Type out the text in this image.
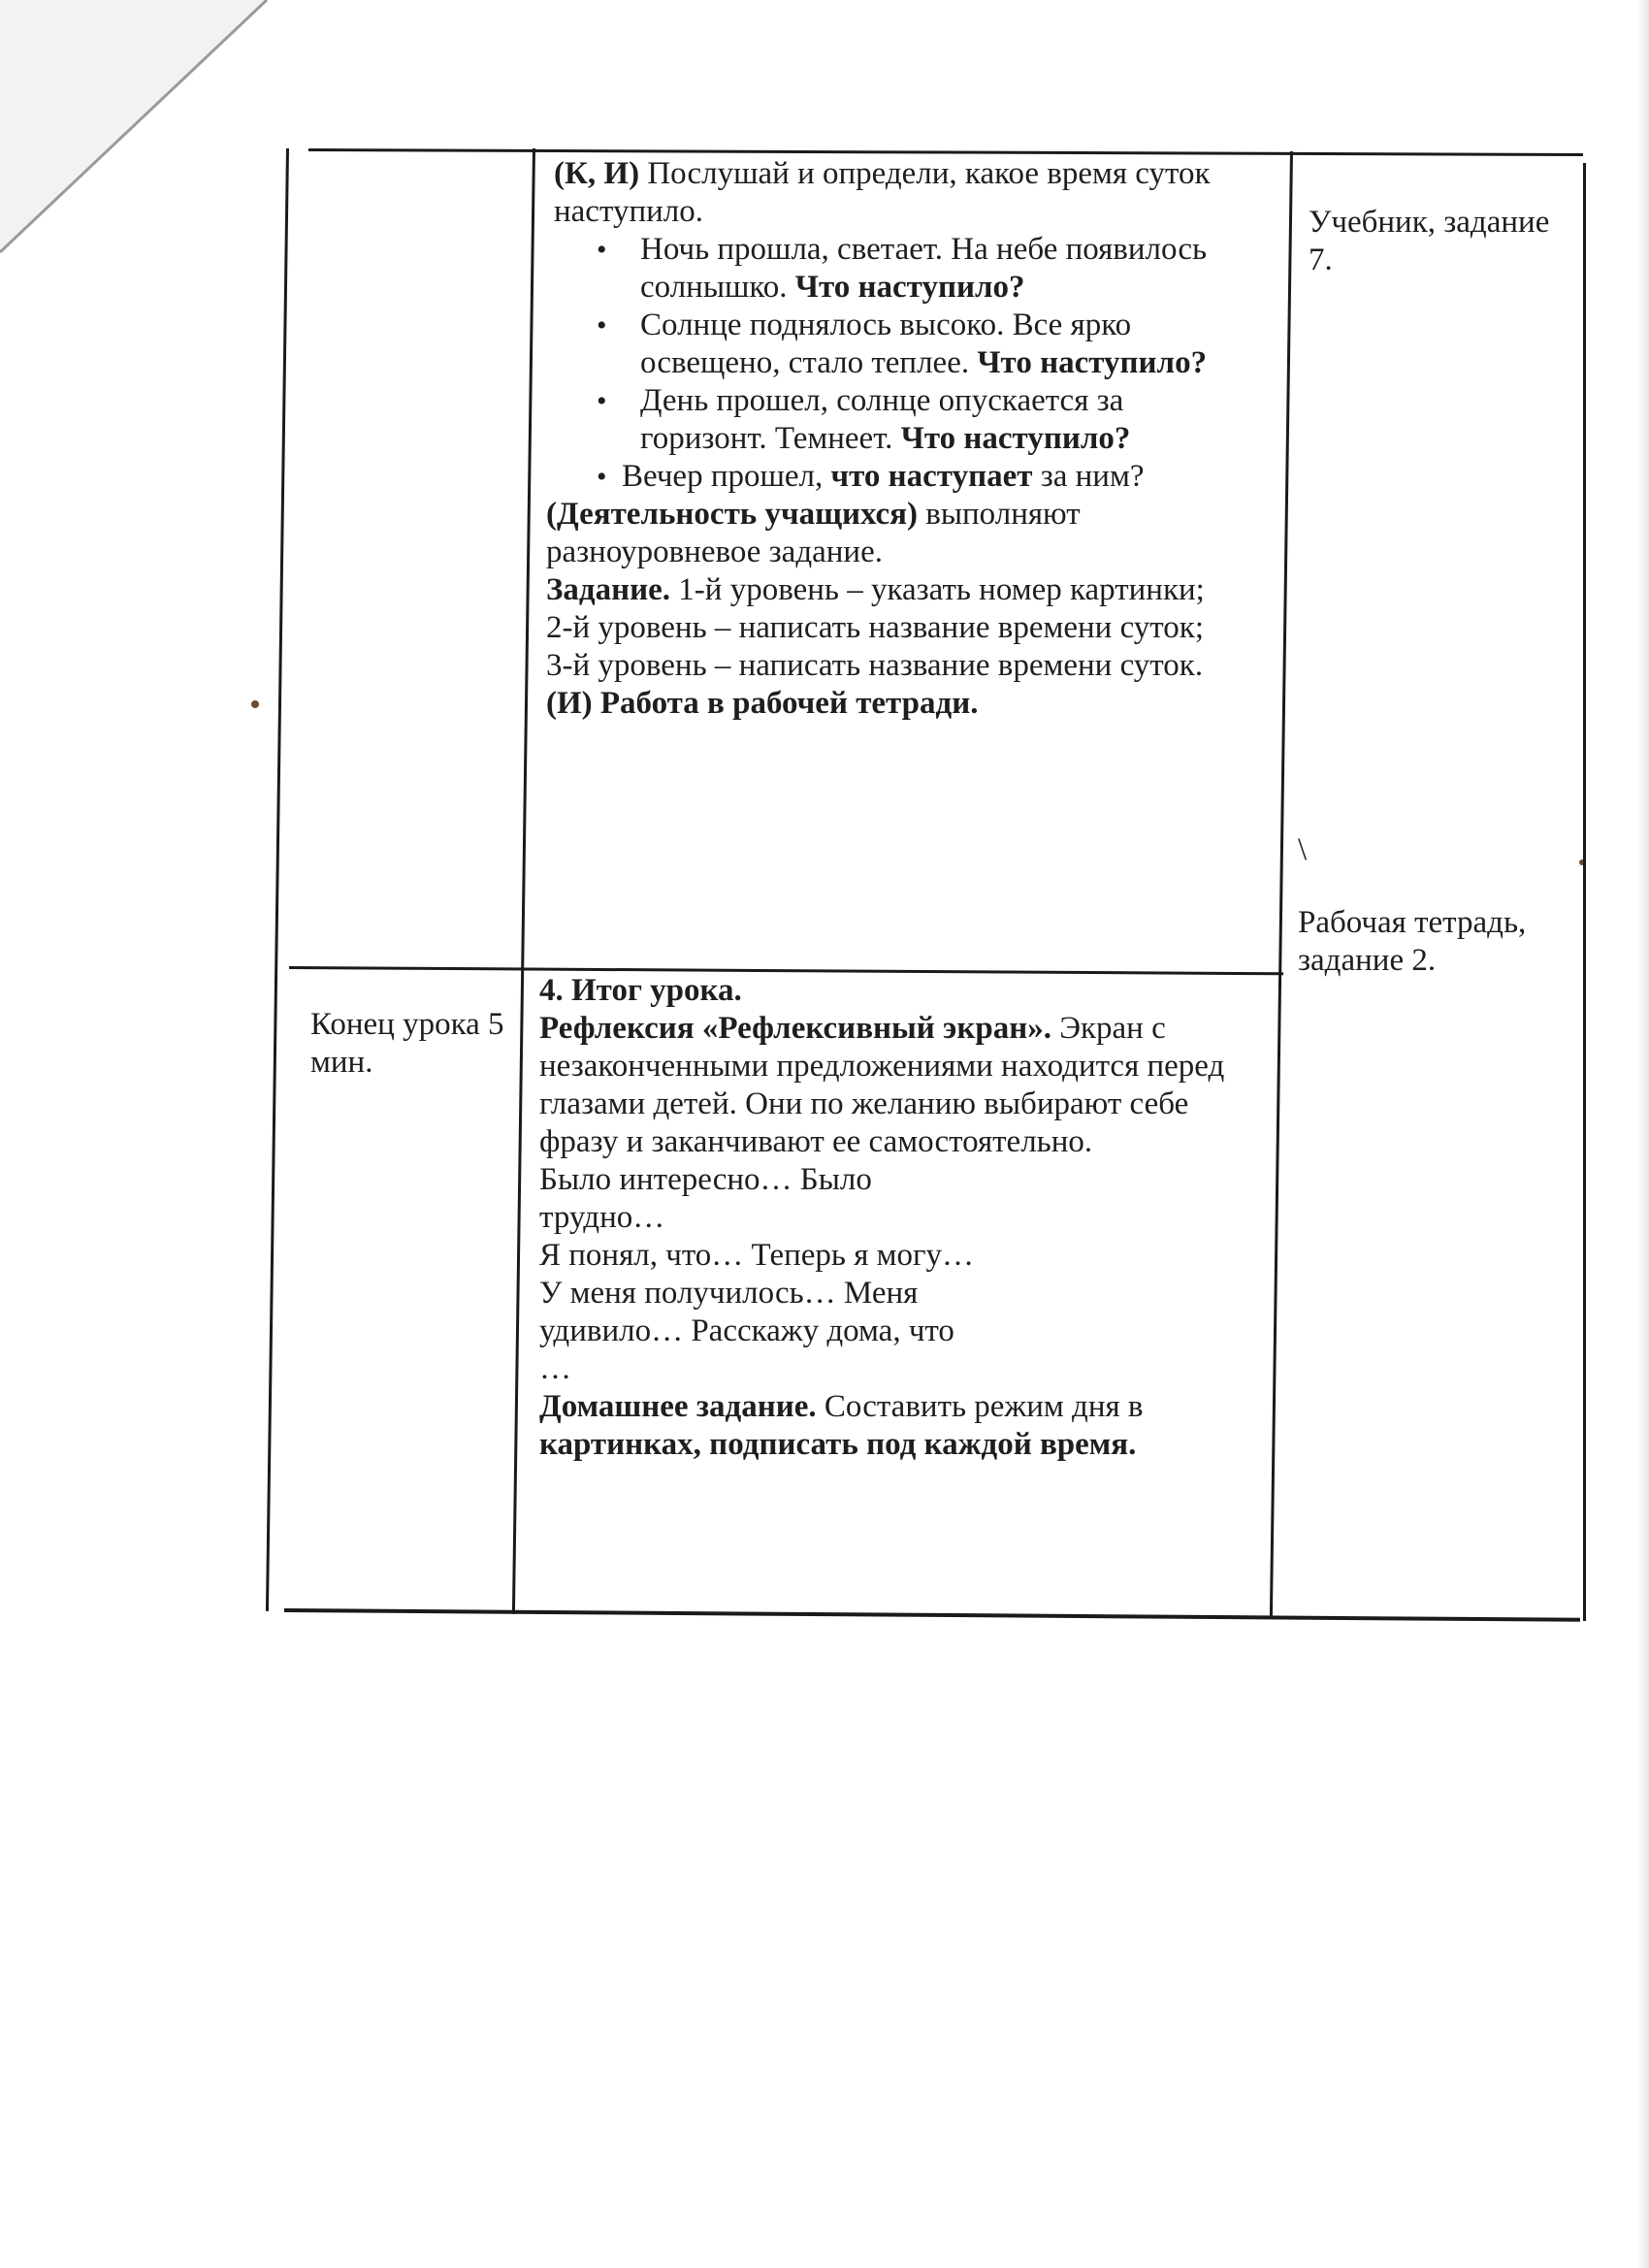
(К, И) Послушай и определи, какое время суток наступило.

• Ночь прошла, светает. На небе появилось солнышко. Что наступило?
• Солнце поднялось высоко. Все ярко освещено, стало теплее. Что наступило?
• День прошел, солнце опускается за горизонт. Темнеет. Что наступило?
• Вечер прошел, что наступает за ним?

(Деятельность учащихся) выполняют разноуровневое задание.

Задание. 1-й уровень – указать номер картинки;
2-й уровень – написать название времени суток;
3-й уровень – написать название времени суток.

(И) Работа в рабочей тетради.

Учебник, задание 7.
\
Рабочая тетрадь, задание 2.
Конец урока 5 мин.

4. Итог урока.

Рефлексия «Рефлексивный экран». Экран с незаконченными предложениями находится перед глазами детей. Они по желанию выбирают себе фразу и заканчивают ее самостоятельно.

Было интересно… Было
трудно…
Я понял, что… Теперь я могу…
У меня получилось… Меня
удивило… Расскажу дома, что
…

Домашнее задание. Составить режим дня в картинках, подписать под каждой время.
